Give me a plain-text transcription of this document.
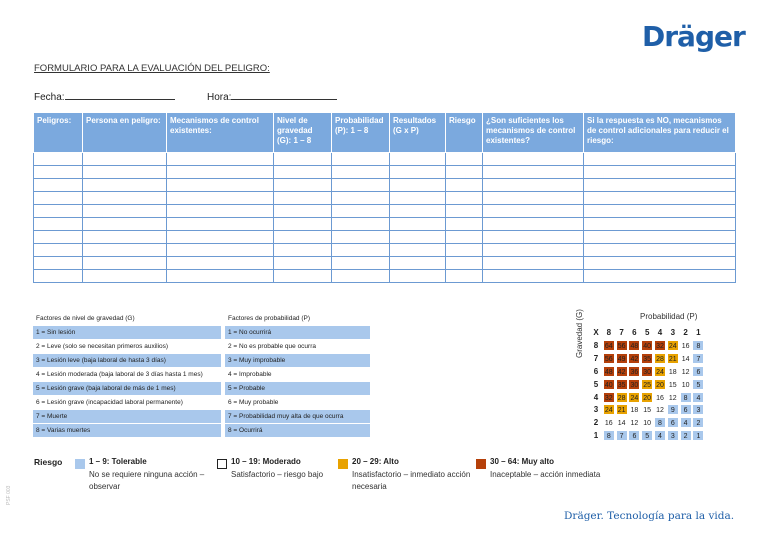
Dräger
FORMULARIO PARA LA EVALUACIÓN DEL PELIGRO:
Fecha:	Hora:
Peligros:	Persona en peligro:	Mecanismos de control existentes:	Nivel de gravedad (G): 1 – 8	Probabilidad (P): 1 – 8	Resultados (G x P)	Riesgo	¿Son suficientes los mecanismos de control existentes?	Si la respuesta es NO, mecanismos de control adicionales para reducir el riesgo:

Factores de nivel de gravedad (G)		Factores de probabilidad (P)
1 = Sin lesión		1 = No ocurrirá
2 = Leve (solo se necesitan primeros auxilios)		2 = No es probable que ocurra
3 = Lesión leve (baja laboral de hasta 3 días)		3 = Muy improbable
4 = Lesión moderada (baja laboral de 3 días hasta 1 mes)		4 = Improbable
5 = Lesión grave (baja laboral de más de 1 mes)		5 = Probable
6 = Lesión grave (incapacidad laboral permanente)		6 = Muy probable
7 = Muerte		7 = Probabilidad muy alta de que ocurra
8 = Varias muertes		8 = Ocurrirá
Probabilidad (P)
Gravedad (G)	X 8	7	6	5	4	3	2	1
8 64 56 48 40 32 24 16 8
7 56 49 42 35 28 21 14 7
6 48 42 36 30 24 18 12 6
5 40 35 30 25 20 15 10 5
4 32 28 24 20 16 12 8	4
3 24 21 18 15 12 9	6	3
2 16 14 12 10 8	6	4	2
1	8	7	6	5	4	3	2	1
Riesgo	1 – 9: Tolerable
No se requiere ninguna acción – observar
10 – 19: Moderado
Satisfactorio – riesgo bajo
20 – 29: Alto
Insatisfactorio – inmediato acción necesaria
30 – 64: Muy alto
Inaceptable – acción inmediata
Dräger. Tecnología para la vida.
PSF 003
